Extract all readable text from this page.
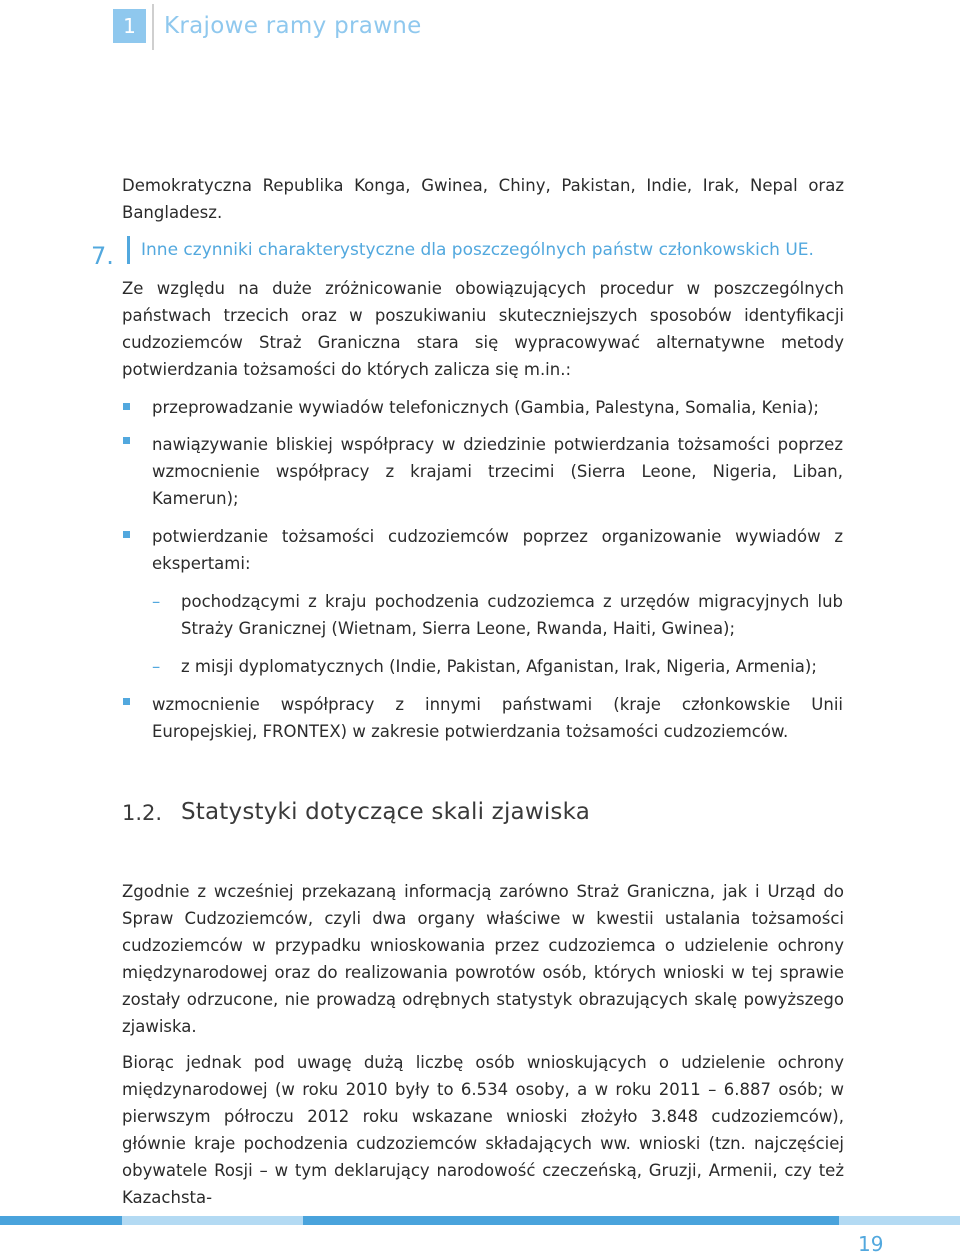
1	Krajowe ramy prawne
Demokratyczna Republika Konga, Gwinea, Chiny, Pakistan, Indie, Irak, Nepal oraz Bangladesz.
7. Inne czynniki charakterystyczne dla poszczególnych państw członkowskich UE.
Ze względu na duże zróżnicowanie obowiązujących procedur w poszczególnych państwach trzecich oraz w poszukiwaniu skuteczniejszych sposobów identyfikacji cudzoziemców Straż Graniczna stara się wypracowywać alternatywne metody potwierdzania tożsamości do których zalicza się m.in.:
przeprowadzanie wywiadów telefonicznych (Gambia, Palestyna, Somalia, Kenia);
nawiązywanie bliskiej współpracy w dziedzinie potwierdzania tożsamości poprzez wzmocnienie współpracy z krajami trzecimi (Sierra Leone, Nigeria, Liban, Kamerun);
potwierdzanie tożsamości cudzoziemców poprzez organizowanie wywiadów z ekspertami:
– pochodzącymi z kraju pochodzenia cudzoziemca z urzędów migracyjnych lub Straży Granicznej (Wietnam, Sierra Leone, Rwanda, Haiti, Gwinea);
– z misji dyplomatycznych (Indie, Pakistan, Afganistan, Irak, Nigeria, Armenia);
wzmocnienie współpracy z innymi państwami (kraje członkowskie Unii Europejskiej, FRONTEX) w zakresie potwierdzania tożsamości cudzoziemców.
1.2. Statystyki dotyczące skali zjawiska
Zgodnie z wcześniej przekazaną informacją zarówno Straż Graniczna, jak i Urząd do Spraw Cudzoziemców, czyli dwa organy właściwe w kwestii ustalania tożsamości cudzoziemców w przypadku wnioskowania przez cudzoziemca o udzielenie ochrony międzynarodowej oraz do realizowania powrotów osób, których wnioski w tej sprawie zostały odrzucone, nie prowadzą odrębnych statystyk obrazujących skalę powyższego zjawiska.
Biorąc jednak pod uwagę dużą liczbę osób wnioskujących o udzielenie ochrony międzynarodowej (w roku 2010 były to 6.534 osoby, a w roku 2011 – 6.887 osób; w pierwszym półroczu 2012 roku wskazane wnioski złożyło 3.848 cudzoziemców), głównie kraje pochodzenia cudzoziemców składających ww. wnioski (tzn. najczęściej obywatele Rosji – w tym deklarujący narodowość czeczeńską, Gruzji, Armenii, czy też Kazachsta-
19
